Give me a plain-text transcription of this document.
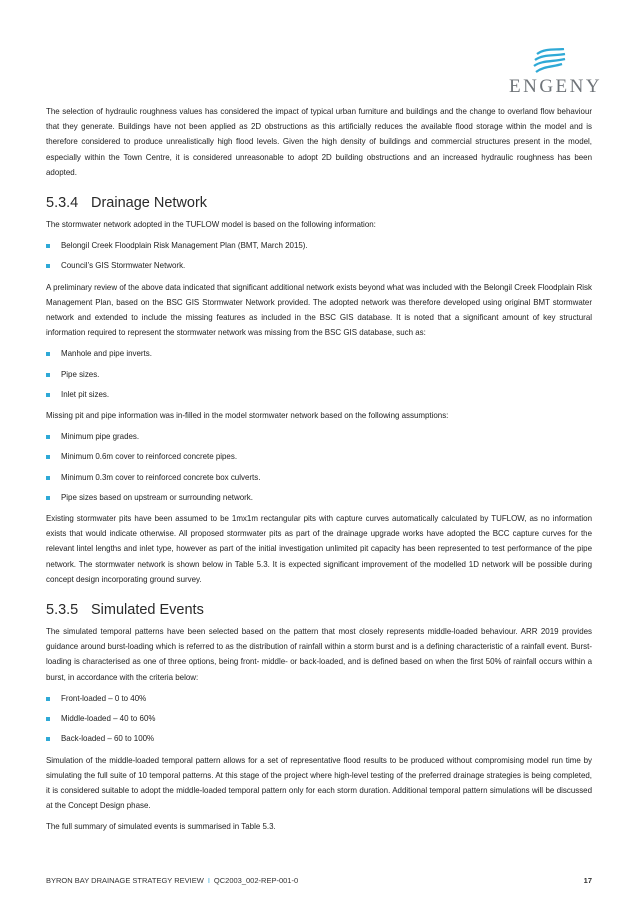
ENGENY

The selection of hydraulic roughness values has considered the impact of typical urban furniture and buildings and the change to overland flow behaviour that they generate. Buildings have not been applied as 2D obstructions as this artificially reduces the available flood storage within the model and is therefore considered to produce unrealistically high flood levels. Given the high density of buildings and commercial structures present in the model, especially within the Town Centre, it is considered unreasonable to adopt 2D building obstructions and an increased hydraulic roughness has been adopted.

5.3.4 Drainage Network

The stormwater network adopted in the TUFLOW model is based on the following information:

Belongil Creek Floodplain Risk Management Plan (BMT, March 2015).
Council’s GIS Stormwater Network.

A preliminary review of the above data indicated that significant additional network exists beyond what was included with the Belongil Creek Floodplain Risk Management Plan, based on the BSC GIS Stormwater Network provided. The adopted network was therefore developed using original BMT stormwater network and extended to include the missing features as included in the BSC GIS database. It is noted that a significant amount of key structural information required to represent the stormwater network was missing from the BSC GIS database, such as:

Manhole and pipe inverts.
Pipe sizes.
Inlet pit sizes.

Missing pit and pipe information was in-filled in the model stormwater network based on the following assumptions:

Minimum pipe grades.
Minimum 0.6m cover to reinforced concrete pipes.
Minimum 0.3m cover to reinforced concrete box culverts.
Pipe sizes based on upstream or surrounding network.

Existing stormwater pits have been assumed to be 1mx1m rectangular pits with capture curves automatically calculated by TUFLOW, as no information exists that would indicate otherwise. All proposed stormwater pits as part of the drainage upgrade works have adopted the BCC capture curves for the relevant lintel lengths and inlet type, however as part of the initial investigation unlimited pit capacity has been represented to test performance of the pipe network. The stormwater network is shown below in Table 5.3. It is expected significant improvement of the modelled 1D network will be possible during concept design incorporating ground survey.

5.3.5 Simulated Events

The simulated temporal patterns have been selected based on the pattern that most closely represents middle-loaded behaviour. ARR 2019 provides guidance around burst-loading which is referred to as the distribution of rainfall within a storm burst and is a defining characteristic of a rainfall event. Burst-loading is characterised as one of three options, being front- middle- or back-loaded, and is defined based on when the first 50% of rainfall occurs within a burst, in accordance with the criteria below:

Front-loaded – 0 to 40%
Middle-loaded – 40 to 60%
Back-loaded – 60 to 100%

Simulation of the middle-loaded temporal pattern allows for a set of representative flood results to be produced without compromising model run time by simulating the full suite of 10 temporal patterns. At this stage of the project where high-level testing of the preferred drainage strategies is being completed, it is considered suitable to adopt the middle-loaded temporal pattern only for each storm duration. Additional temporal pattern simulations will be discussed at the Concept Design phase.

The full summary of simulated events is summarised in Table 5.3.

BYRON BAY DRAINAGE STRATEGY REVIEW I QC2003_002-REP-001-0	17
